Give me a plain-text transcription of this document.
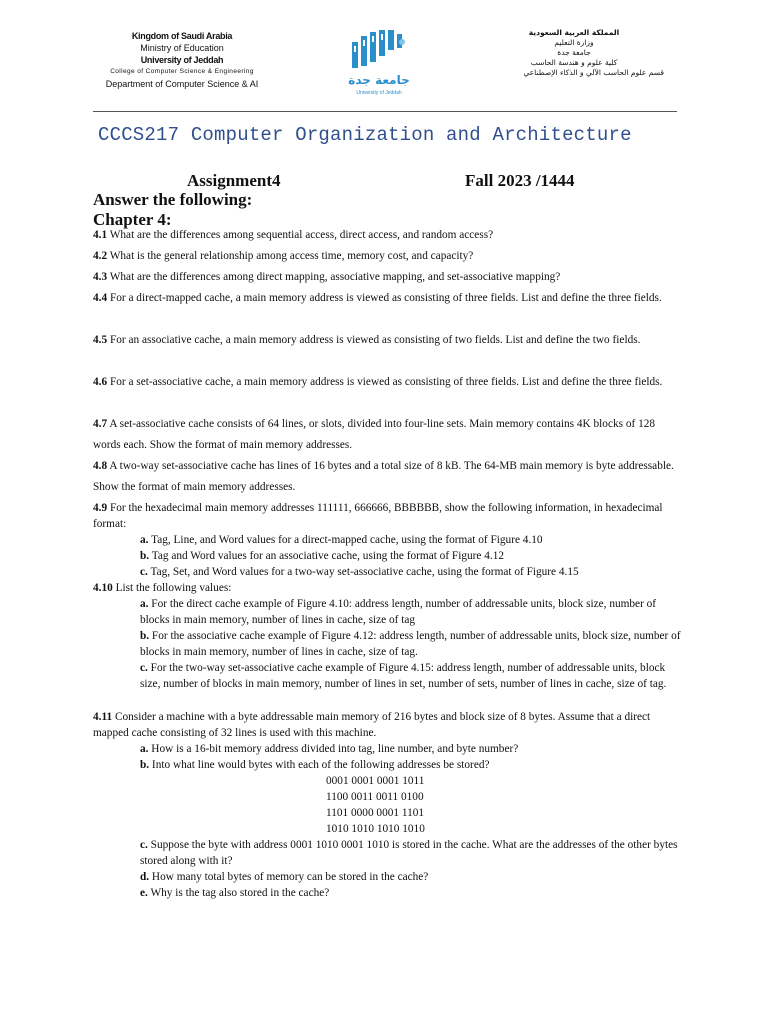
Kingdom of Saudi Arabia
Ministry of Education
University of Jeddah
College of Computer Science & Engineering
Department of Computer Science & AI	جامعة جدة
University of Jeddah
المملكة العربية السعودية
وزارة التعليم
جامعة جدة
كلية علوم و هندسة الحاسب
قسم علوم الحاسب الآلي و الذكاء الإصطناعي
CCCS217 Computer Organization and Architecture
Assignment4	Fall 2023 /1444
Answer the following:
Chapter 4:
4.1 What are the differences among sequential access, direct access, and random access?
4.2 What is the general relationship among access time, memory cost, and capacity?
4.3 What are the differences among direct mapping, associative mapping, and set-associative mapping?
4.4 For a direct-mapped cache, a main memory address is viewed as consisting of three fields. List and define the three fields.
4.5 For an associative cache, a main memory address is viewed as consisting of two fields. List and define the two fields.
4.6 For a set-associative cache, a main memory address is viewed as consisting of three fields. List and define the three fields.
4.7 A set-associative cache consists of 64 lines, or slots, divided into four-line sets. Main memory contains 4K blocks of 128 words each. Show the format of main memory addresses.
4.8 A two-way set-associative cache has lines of 16 bytes and a total size of 8 kB. The 64-MB main memory is byte addressable. Show the format of main memory addresses.
4.9 For the hexadecimal main memory addresses 111111, 666666, BBBBBB, show the following information, in hexadecimal format:
a. Tag, Line, and Word values for a direct-mapped cache, using the format of Figure 4.10
b. Tag and Word values for an associative cache, using the format of Figure 4.12
c. Tag, Set, and Word values for a two-way set-associative cache, using the format of Figure 4.15
4.10 List the following values:
a. For the direct cache example of Figure 4.10: address length, number of addressable units, block size, number of blocks in main memory, number of lines in cache, size of tag
b. For the associative cache example of Figure 4.12: address length, number of addressable units, block size, number of blocks in main memory, number of lines in cache, size of tag.
c. For the two-way set-associative cache example of Figure 4.15: address length, number of addressable units, block size, number of blocks in main memory, number of lines in set, number of sets, number of lines in cache, size of tag.
4.11 Consider a machine with a byte addressable main memory of 216 bytes and block size of 8 bytes. Assume that a direct mapped cache consisting of 32 lines is used with this machine.
a. How is a 16-bit memory address divided into tag, line number, and byte number?
b. Into what line would bytes with each of the following addresses be stored?
0001 0001 0001 1011
1100 0011 0011 0100
1101 0000 0001 1101
1010 1010 1010 1010
c. Suppose the byte with address 0001 1010 0001 1010 is stored in the cache. What are the addresses of the other bytes stored along with it?
d. How many total bytes of memory can be stored in the cache?
e. Why is the tag also stored in the cache?
